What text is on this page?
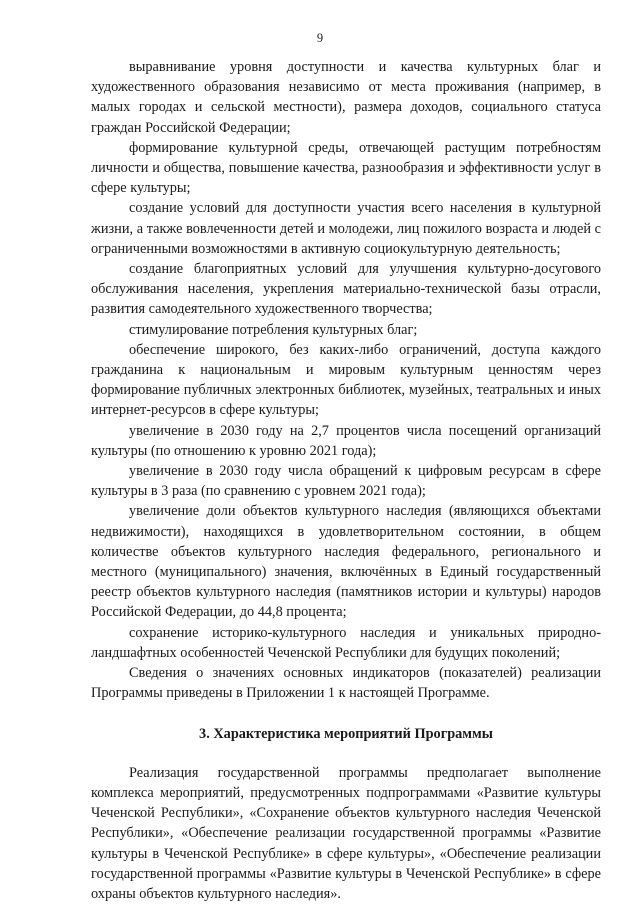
9

выравнивание уровня доступности и качества культурных благ и художественного образования независимо от места проживания (например, в малых городах и сельской местности), размера доходов, социального статуса граждан Российской Федерации;

формирование культурной среды, отвечающей растущим потребностям личности и общества, повышение качества, разнообразия и эффективности услуг в сфере культуры;

создание условий для доступности участия всего населения в культурной жизни, а также вовлеченности детей и молодежи, лиц пожилого возраста и людей с ограниченными возможностями в активную социокультурную деятельность;

создание благоприятных условий для улучшения культурно-досугового обслуживания населения, укрепления материально-технической базы отрасли, развития самодеятельного художественного творчества;

стимулирование потребления культурных благ;

обеспечение широкого, без каких-либо ограничений, доступа каждого гражданина к национальным и мировым культурным ценностям через формирование публичных электронных библиотек, музейных, театральных и иных интернет-ресурсов в сфере культуры;

увеличение в 2030 году на 2,7 процентов числа посещений организаций культуры (по отношению к уровню 2021 года);

увеличение в 2030 году числа обращений к цифровым ресурсам в сфере культуры в 3 раза (по сравнению с уровнем 2021 года);

увеличение доли объектов культурного наследия (являющихся объектами недвижимости), находящихся в удовлетворительном состоянии, в общем количестве объектов культурного наследия федерального, регионального и местного (муниципального) значения, включённых в Единый государственный реестр объектов культурного наследия (памятников истории и культуры) народов Российской Федерации, до 44,8 процента;

сохранение историко-культурного наследия и уникальных природно-ландшафтных особенностей Чеченской Республики для будущих поколений;

Сведения о значениях основных индикаторов (показателей) реализации Программы приведены в Приложении 1 к настоящей Программе.

3. Характеристика мероприятий Программы

Реализация государственной программы предполагает выполнение комплекса мероприятий, предусмотренных подпрограммами «Развитие культуры Чеченской Республики», «Сохранение объектов культурного наследия Чеченской Республики», «Обеспечение реализации государственной программы «Развитие культуры в Чеченской Республике» в сфере культуры», «Обеспечение реализации государственной программы «Развитие культуры в Чеченской Республике» в сфере охраны объектов культурного наследия».
